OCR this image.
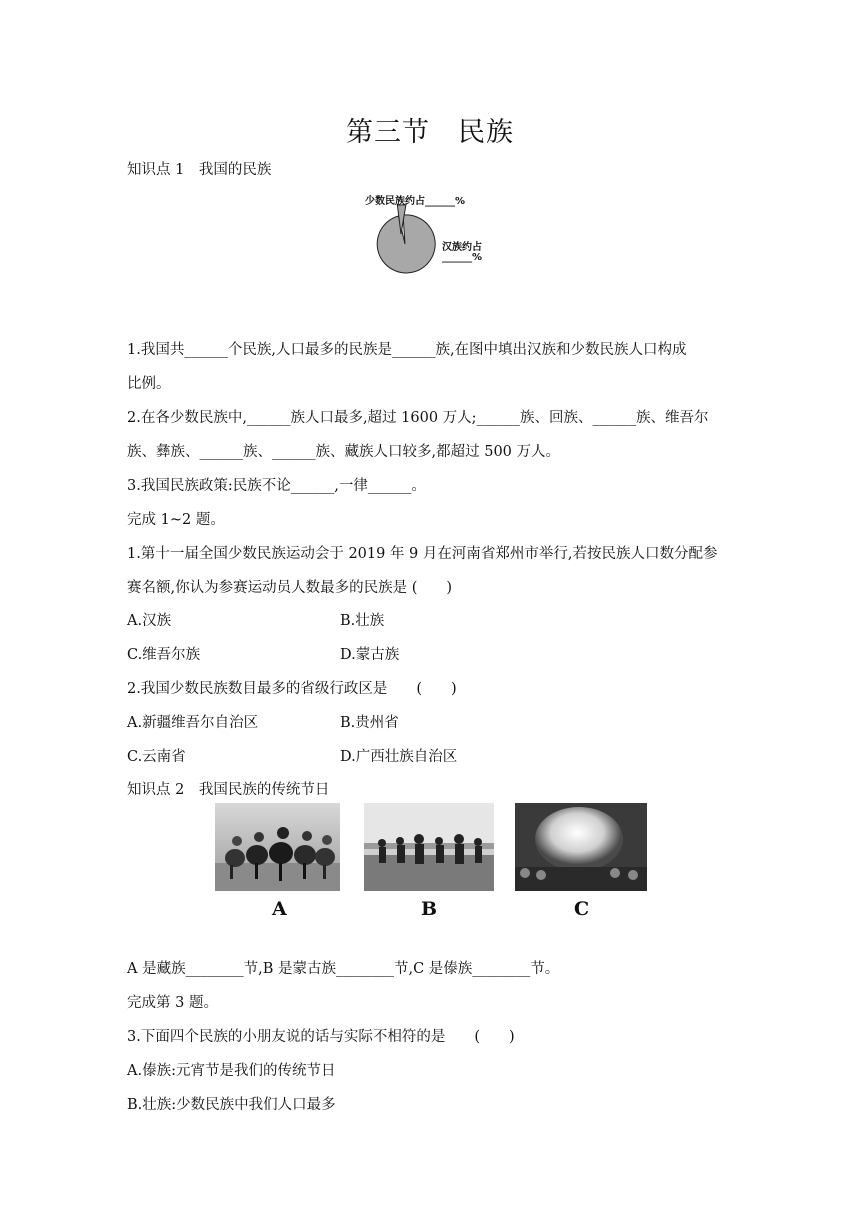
第三节　民族
知识点 1　我国的民族
少数民族约占______%
汉族约占
______%
1.我国共______个民族,人口最多的民族是______族,在图中填出汉族和少数民族人口构成
比例。
2.在各少数民族中,______族人口最多,超过 1600 万人;______族、回族、______族、维吾尔
族、彝族、______族、______族、藏族人口较多,都超过 500 万人。
3.我国民族政策:民族不论______,一律______。
完成 1~2 题。
1.第十一届全国少数民族运动会于 2019 年 9 月在河南省郑州市举行,若按民族人口数分配参
赛名额,你认为参赛运动员人数最多的民族是 (　　)
A.汉族	B.壮族
C.维吾尔族	D.蒙古族
2.我国少数民族数目最多的省级行政区是　　(　　)
A.新疆维吾尔自治区	B.贵州省
C.云南省	D.广西壮族自治区
知识点 2　我国民族的传统节日
A	B	C
A 是藏族________节,B 是蒙古族________节,C 是傣族________节。
完成第 3 题。
3.下面四个民族的小朋友说的话与实际不相符的是　　(　　)
A.傣族:元宵节是我们的传统节日
B.壮族:少数民族中我们人口最多
